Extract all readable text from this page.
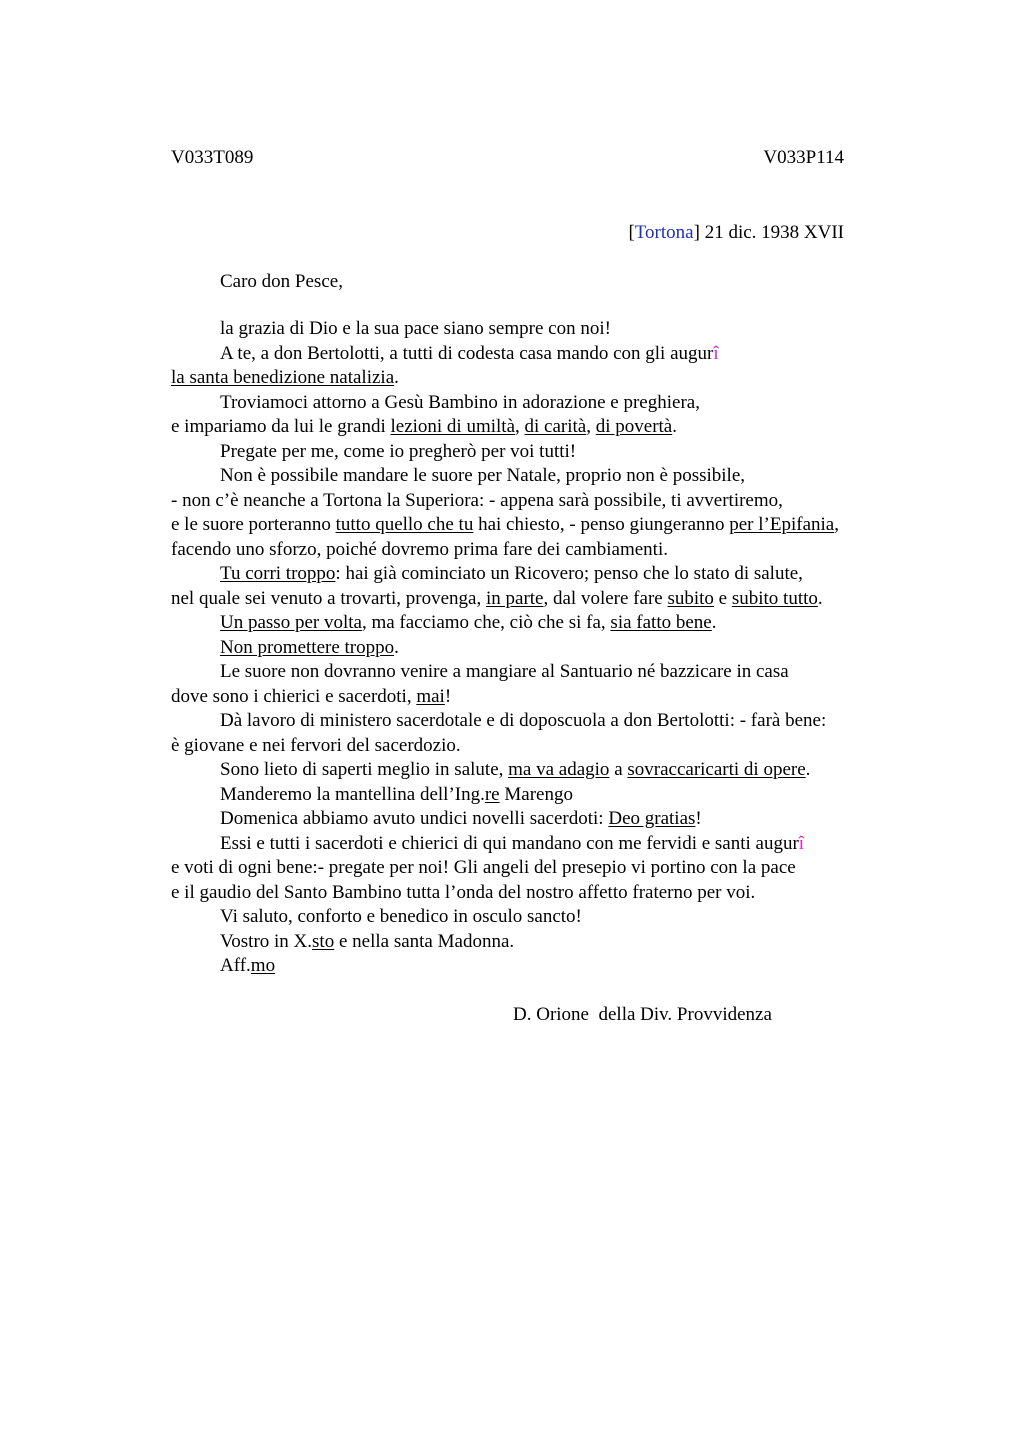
V033T089	V033P114
[Tortona] 21 dic. 1938 XVII
Caro don Pesce,
la grazia di Dio e la sua pace siano sempre con noi!
A te, a don Bertolotti, a tutti di codesta casa mando con gli augurî
la santa benedizione natalizia.
Troviamoci attorno a Gesù Bambino in adorazione e preghiera,
e impariamo da lui le grandi lezioni di umiltà, di carità, di povertà.
Pregate per me, come io pregherò per voi tutti!
Non è possibile mandare le suore per Natale, proprio non è possibile,
- non c’è neanche a Tortona la Superiora: - appena sarà possibile, ti avvertiremo,
e le suore porteranno tutto quello che tu hai chiesto, - penso giungeranno per l’Epifania,
facendo uno sforzo, poiché dovremo prima fare dei cambiamenti.
Tu corri troppo: hai già cominciato un Ricovero; penso che lo stato di salute,
nel quale sei venuto a trovarti, provenga, in parte, dal volere fare subito e subito tutto.
Un passo per volta, ma facciamo che, ciò che si fa, sia fatto bene.
Non promettere troppo.
Le suore non dovranno venire a mangiare al Santuario né bazzicare in casa
dove sono i chierici e sacerdoti, mai!
Dà lavoro di ministero sacerdotale e di doposcuola a don Bertolotti: - farà bene:
è giovane e nei fervori del sacerdozio.
Sono lieto di saperti meglio in salute, ma va adagio a sovraccaricarti di opere.
Manderemo la mantellina dell’Ing.re Marengo
Domenica abbiamo avuto undici novelli sacerdoti: Deo gratias!
Essi e tutti i sacerdoti e chierici di qui mandano con me fervidi e santi augurî
e voti di ogni bene:- pregate per noi! Gli angeli del presepio vi portino con la pace
e il gaudio del Santo Bambino tutta l’onda del nostro affetto fraterno per voi.
Vi saluto, conforto e benedico in osculo sancto!
Vostro in X.sto e nella santa Madonna.
Aff.mo
D. Orione  della Div. Provvidenza
